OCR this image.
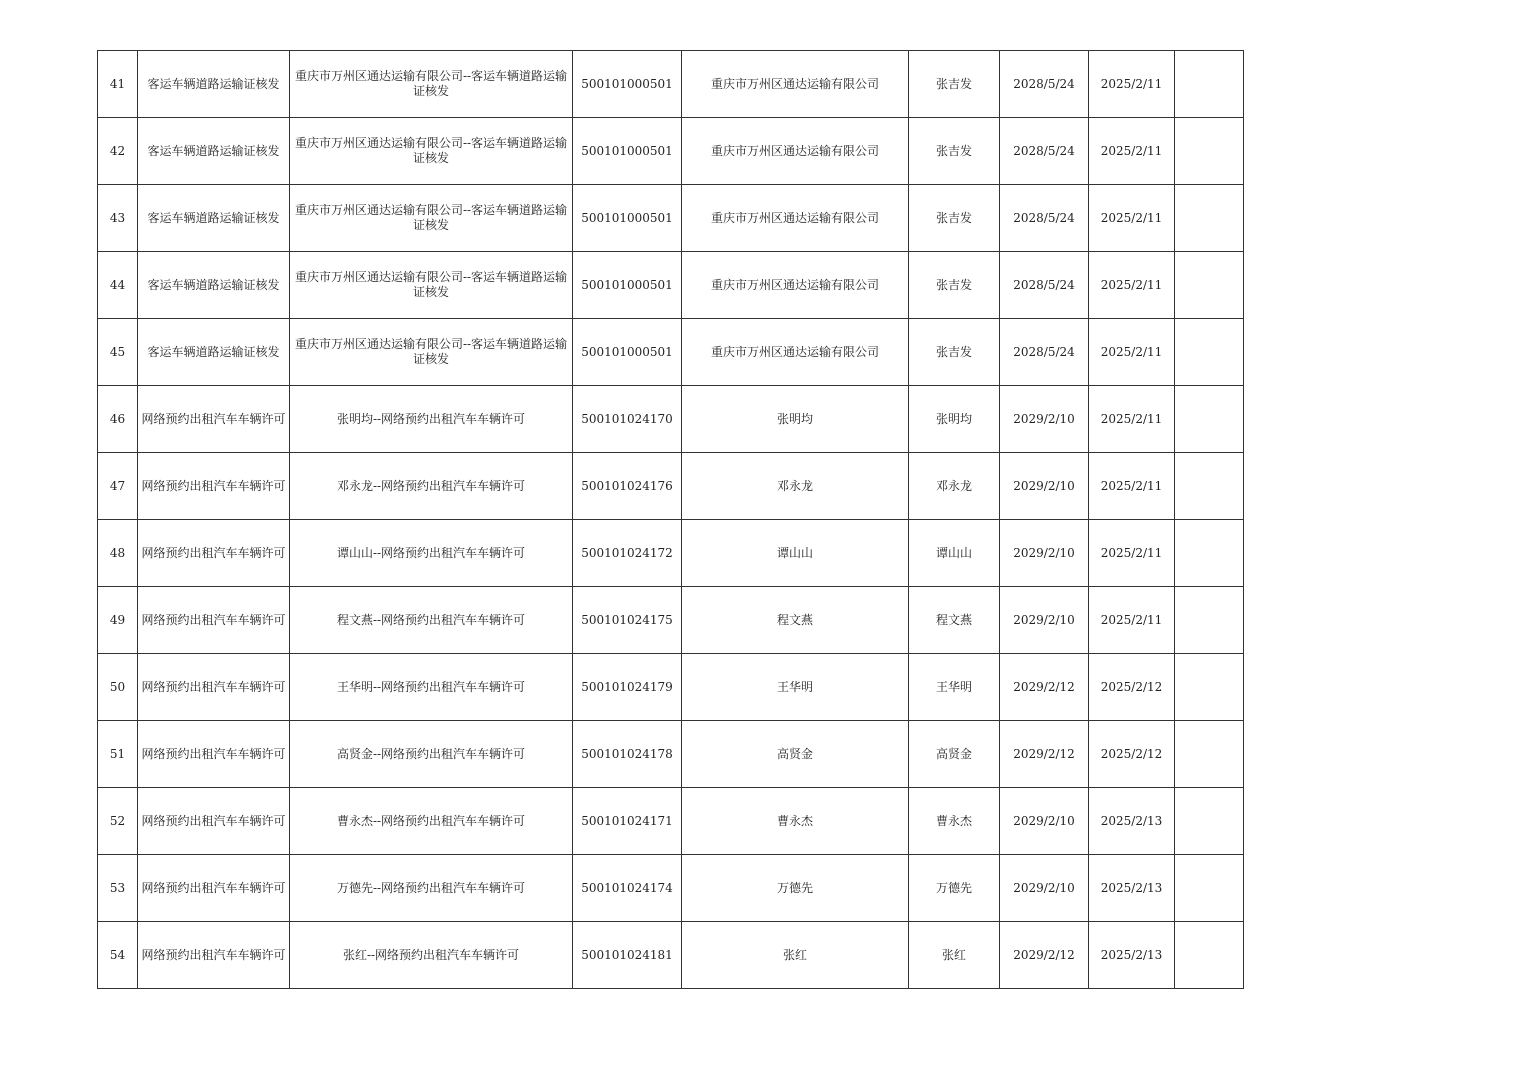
41	客运车辆道路运输证核发	重庆市万州区通达运输有限公司--客运车辆道路运输证核发	500101000501	重庆市万州区通达运输有限公司	张吉发	2028/5/24	2025/2/11	
42	客运车辆道路运输证核发	重庆市万州区通达运输有限公司--客运车辆道路运输证核发	500101000501	重庆市万州区通达运输有限公司	张吉发	2028/5/24	2025/2/11	
43	客运车辆道路运输证核发	重庆市万州区通达运输有限公司--客运车辆道路运输证核发	500101000501	重庆市万州区通达运输有限公司	张吉发	2028/5/24	2025/2/11	
44	客运车辆道路运输证核发	重庆市万州区通达运输有限公司--客运车辆道路运输证核发	500101000501	重庆市万州区通达运输有限公司	张吉发	2028/5/24	2025/2/11	
45	客运车辆道路运输证核发	重庆市万州区通达运输有限公司--客运车辆道路运输证核发	500101000501	重庆市万州区通达运输有限公司	张吉发	2028/5/24	2025/2/11	
46	网络预约出租汽车车辆许可	张明均--网络预约出租汽车车辆许可	500101024170	张明均	张明均	2029/2/10	2025/2/11	
47	网络预约出租汽车车辆许可	邓永龙--网络预约出租汽车车辆许可	500101024176	邓永龙	邓永龙	2029/2/10	2025/2/11	
48	网络预约出租汽车车辆许可	谭山山--网络预约出租汽车车辆许可	500101024172	谭山山	谭山山	2029/2/10	2025/2/11	
49	网络预约出租汽车车辆许可	程文燕--网络预约出租汽车车辆许可	500101024175	程文燕	程文燕	2029/2/10	2025/2/11	
50	网络预约出租汽车车辆许可	王华明--网络预约出租汽车车辆许可	500101024179	王华明	王华明	2029/2/12	2025/2/12	
51	网络预约出租汽车车辆许可	高贤金--网络预约出租汽车车辆许可	500101024178	高贤金	高贤金	2029/2/12	2025/2/12	
52	网络预约出租汽车车辆许可	曹永杰--网络预约出租汽车车辆许可	500101024171	曹永杰	曹永杰	2029/2/10	2025/2/13	
53	网络预约出租汽车车辆许可	万德先--网络预约出租汽车车辆许可	500101024174	万德先	万德先	2029/2/10	2025/2/13	
54	网络预约出租汽车车辆许可	张红--网络预约出租汽车车辆许可	500101024181	张红	张红	2029/2/12	2025/2/13	
